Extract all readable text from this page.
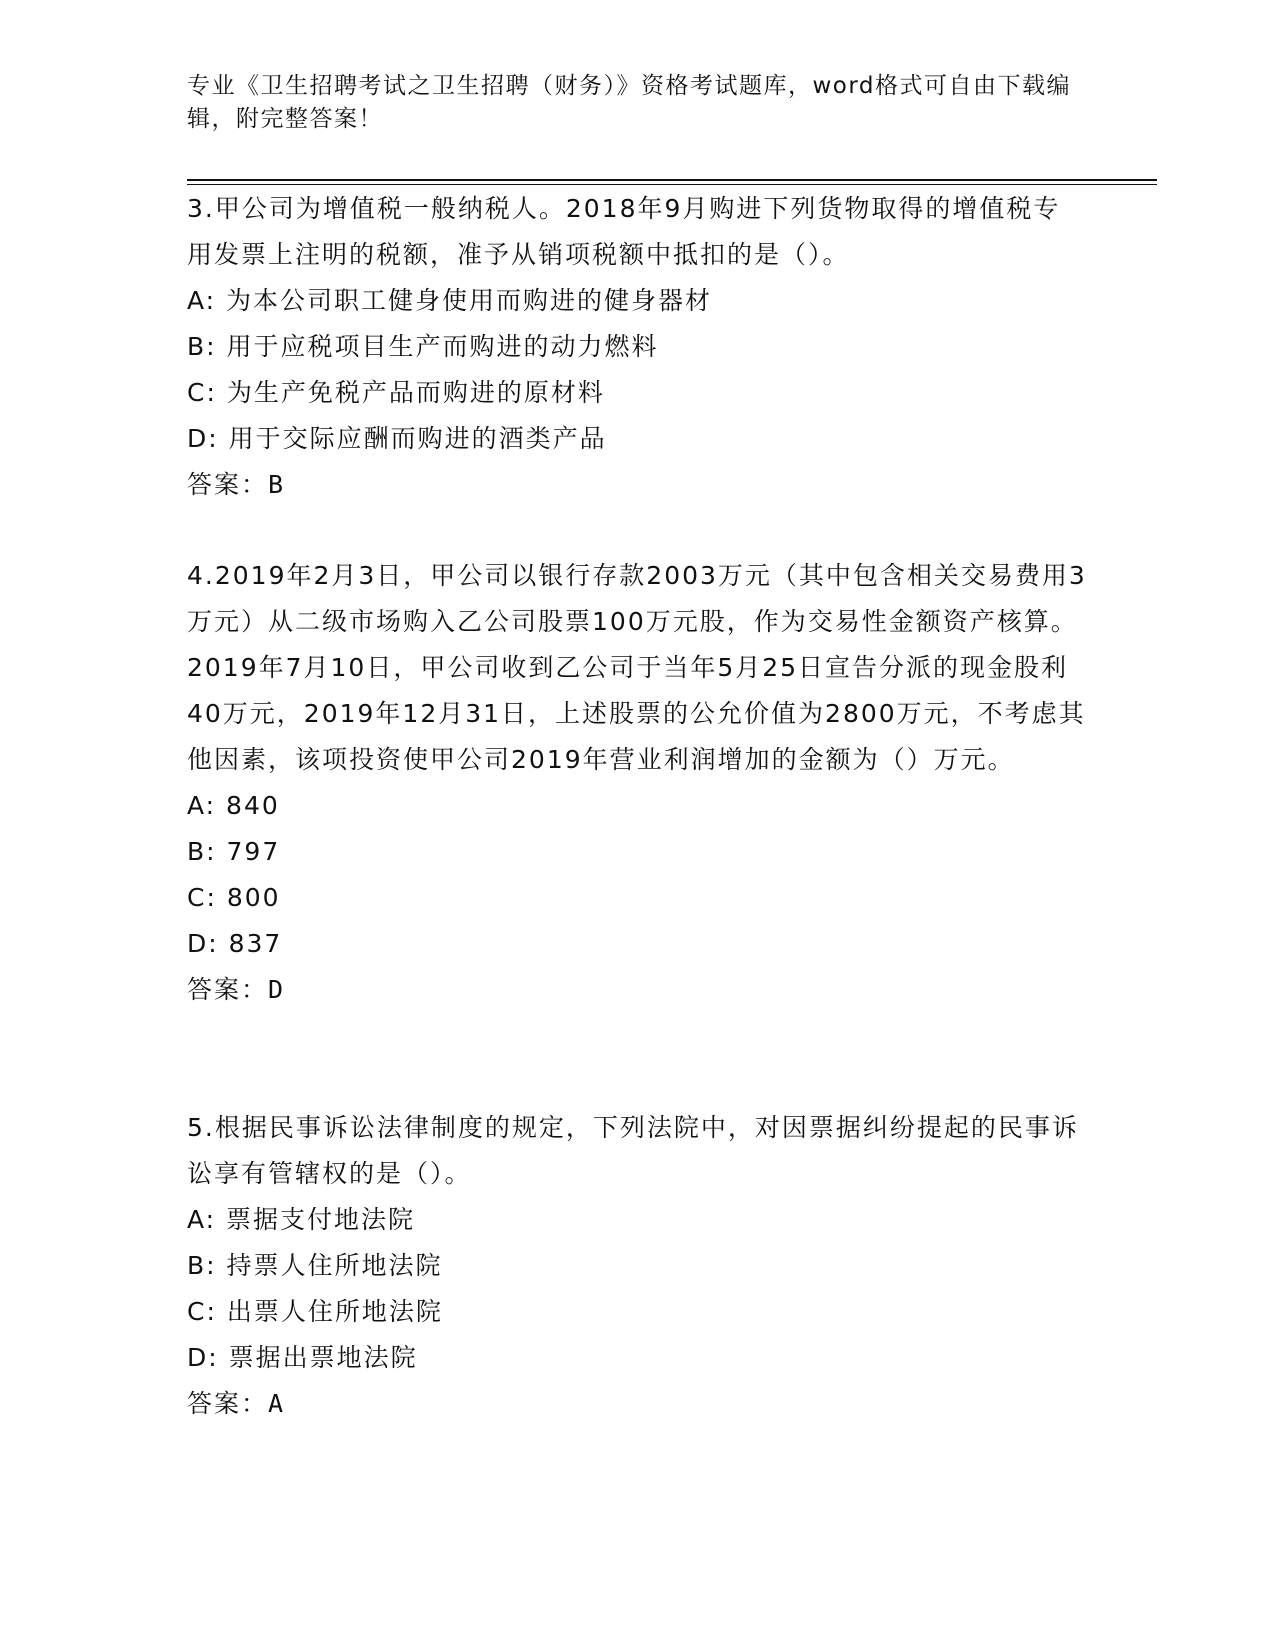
专业《卫生招聘考试之卫生招聘（财务）》资格考试题库，word格式可自由下载编辑，附完整答案！

3.甲公司为增值税一般纳税人。2018年9月购进下列货物取得的增值税专用发票上注明的税额，准予从销项税额中抵扣的是（）。

A: 为本公司职工健身使用而购进的健身器材

B: 用于应税项目生产而购进的动力燃料

C: 为生产免税产品而购进的原材料

D: 用于交际应酬而购进的酒类产品

答案：B

4.2019年2月3日，甲公司以银行存款2003万元（其中包含相关交易费用3万元）从二级市场购入乙公司股票100万元股，作为交易性金额资产核算。2019年7月10日，甲公司收到乙公司于当年5月25日宣告分派的现金股利40万元，2019年12月31日，上述股票的公允价值为2800万元，不考虑其他因素，该项投资使甲公司2019年营业利润增加的金额为（）万元。

A: 840

B: 797

C: 800

D: 837

答案：D

5.根据民事诉讼法律制度的规定，下列法院中，对因票据纠纷提起的民事诉讼享有管辖权的是（）。

A: 票据支付地法院

B: 持票人住所地法院

C: 出票人住所地法院

D: 票据出票地法院

答案：A
